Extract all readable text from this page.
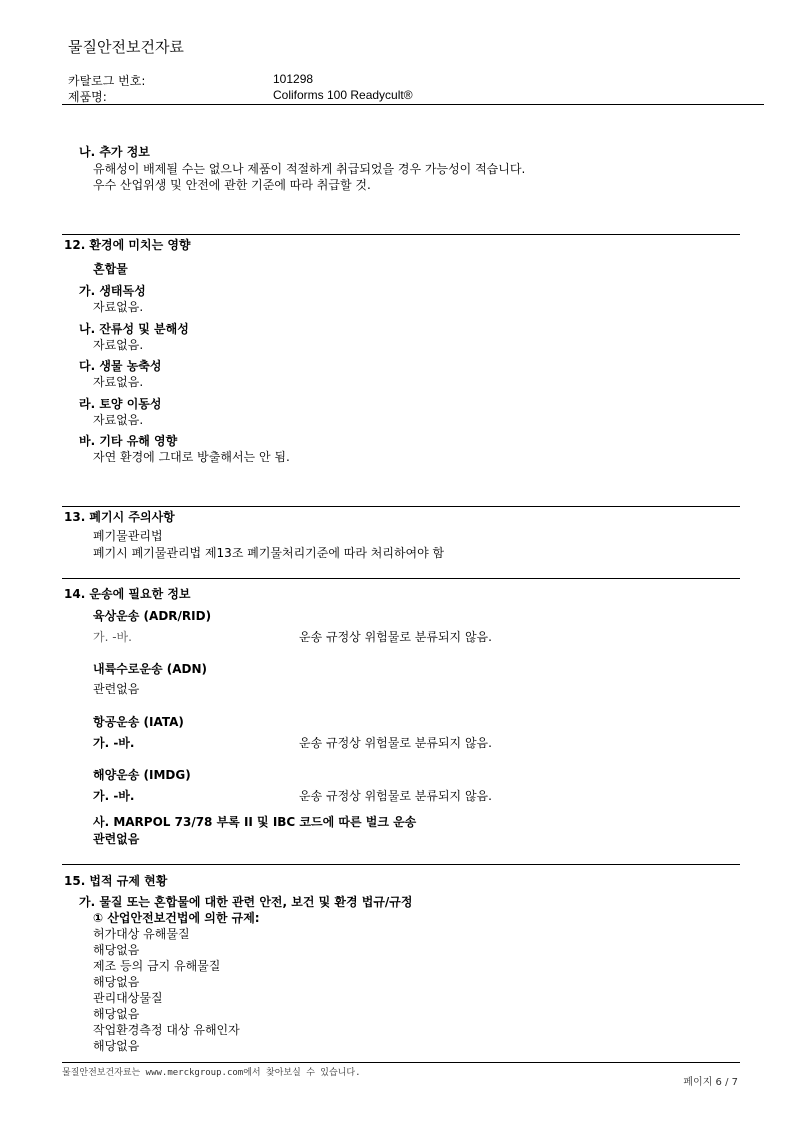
물질안전보건자료
카탈로그 번호:	101298
제품명:	Coliforms 100 Readycult®
나. 추가 정보
유해성이 배제될 수는 없으나 제품이 적절하게 취급되었을 경우 가능성이 적습니다.
우수 산업위생 및 안전에 관한 기준에 따라 취급할 것.
12. 환경에 미치는 영향
혼합물
가. 생태독성
자료없음.
나. 잔류성 및 분해성
자료없음.
다. 생물 농축성
자료없음.
라. 토양 이동성
자료없음.
바. 기타 유해 영향
자연 환경에 그대로 방출해서는 안 됨.
13. 폐기시 주의사항
폐기물관리법
폐기시 폐기물관리법 제13조 폐기물처리기준에 따라 처리하여야 함
14. 운송에 필요한 정보
육상운송 (ADR/RID)
가. -바.	운송 규정상 위험물로 분류되지 않음.
내륙수로운송 (ADN)
관련없음
항공운송 (IATA)
가. -바.	운송 규정상 위험물로 분류되지 않음.
해양운송 (IMDG)
가. -바.	운송 규정상 위험물로 분류되지 않음.
사. MARPOL 73/78 부록 II 및 IBC 코드에 따른 벌크 운송
관련없음
15. 법적 규제 현황
가. 물질 또는 혼합물에 대한 관련 안전, 보건 및 환경 법규/규정
① 산업안전보건법에 의한 규제:
허가대상 유해물질
해당없음
제조 등의 금지 유해물질
해당없음
관리대상물질
해당없음
작업환경측정 대상 유해인자
해당없음
물질안전보건자료는 www.merckgroup.com에서 찾아보실 수 있습니다.
페이지 6 / 7
